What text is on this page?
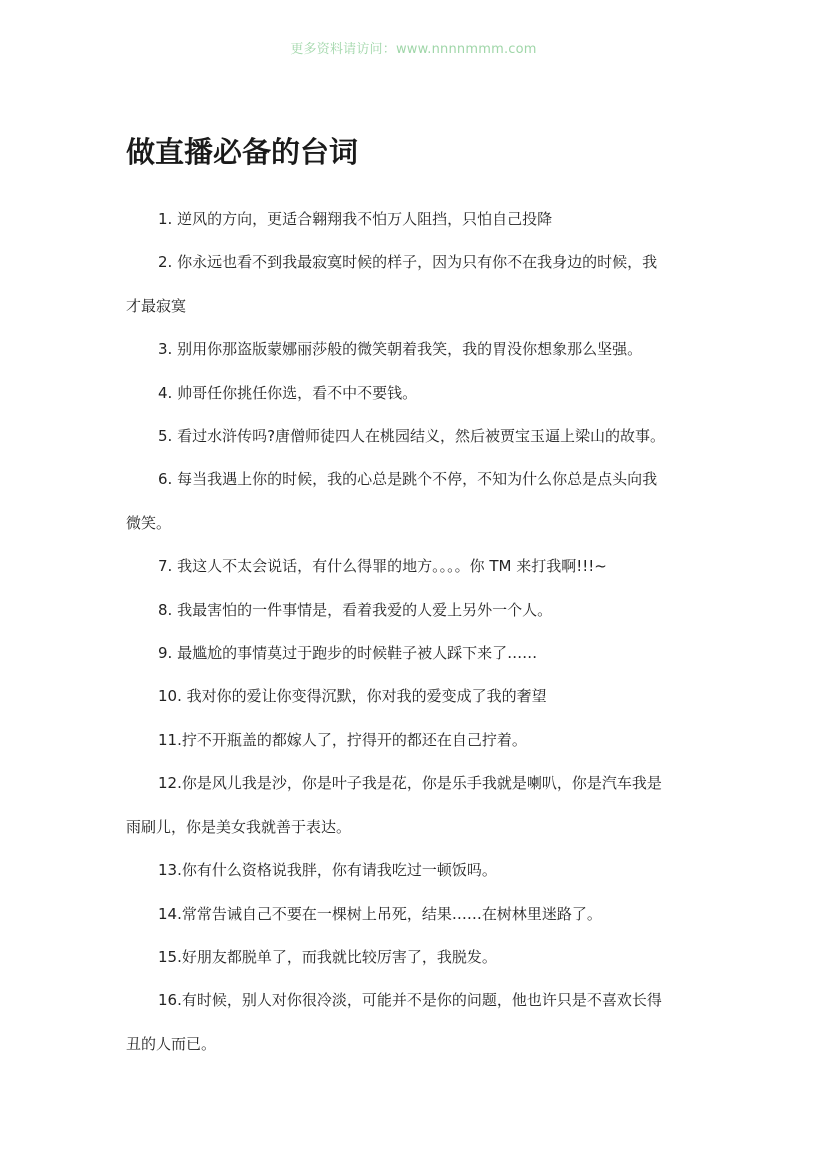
更多资料请访问：www.nnnnmmm.com
做直播必备的台词

1. 逆风的方向，更适合翱翔我不怕万人阻挡，只怕自己投降

2. 你永远也看不到我最寂寞时候的样子，因为只有你不在我身边的时候，我
才最寂寞

3. 别用你那盗版蒙娜丽莎般的微笑朝着我笑，我的胃没你想象那么坚强。

4. 帅哥任你挑任你选，看不中不要钱。

5. 看过水浒传吗?唐僧师徒四人在桃园结义，然后被贾宝玉逼上梁山的故事。

6. 每当我遇上你的时候，我的心总是跳个不停，不知为什么你总是点头向我
微笑。

7. 我这人不太会说话，有什么得罪的地方。。。。你 TM 来打我啊!!!~

8. 我最害怕的一件事情是，看着我爱的人爱上另外一个人。

9. 最尴尬的事情莫过于跑步的时候鞋子被人踩下来了……

10. 我对你的爱让你变得沉默，你对我的爱变成了我的奢望

11.拧不开瓶盖的都嫁人了，拧得开的都还在自己拧着。

12.你是风儿我是沙，你是叶子我是花，你是乐手我就是喇叭，你是汽车我是
雨刷儿，你是美女我就善于表达。

13.你有什么资格说我胖，你有请我吃过一顿饭吗。

14.常常告诫自己不要在一棵树上吊死，结果……在树林里迷路了。

15.好朋友都脱单了，而我就比较厉害了，我脱发。

16.有时候，别人对你很冷淡，可能并不是你的问题，他也许只是不喜欢长得
丑的人而已。
